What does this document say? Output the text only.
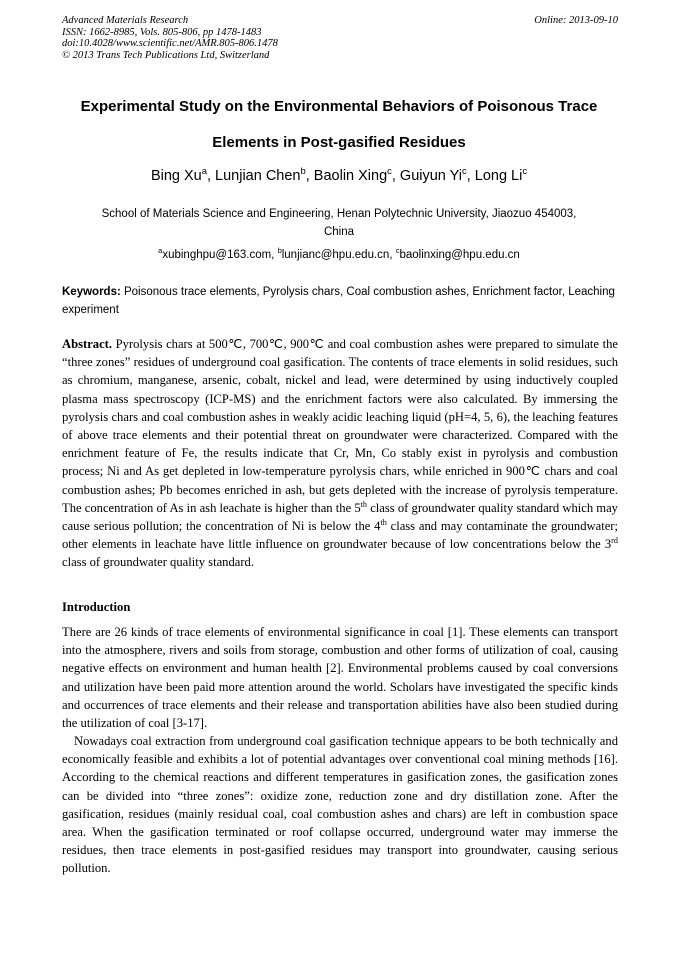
Advanced Materials Research	Online: 2013-09-10
ISSN: 1662-8985, Vols. 805-806, pp 1478-1483
doi:10.4028/www.scientific.net/AMR.805-806.1478
© 2013 Trans Tech Publications Ltd, Switzerland
Experimental Study on the Environmental Behaviors of Poisonous Trace
Elements in Post-gasified Residues
Bing Xu$^a$, Lunjian Chen$^b$, Baolin Xing$^c$, Guiyun Yi$^c$, Long Li$^c$
School of Materials Science and Engineering, Henan Polytechnic University, Jiaozuo 454003,
China
$^a$xubinghpu@163.com, $^b$lunjianc@hpu.edu.cn, $^c$baolinxing@hpu.edu.cn
Keywords: Poisonous trace elements, Pyrolysis chars, Coal combustion ashes, Enrichment factor, Leaching experiment
Abstract. Pyrolysis chars at 500℃, 700℃, 900℃ and coal combustion ashes were prepared to simulate the “three zones” residues of underground coal gasification. The contents of trace elements in solid residues, such as chromium, manganese, arsenic, cobalt, nickel and lead, were determined by using inductively coupled plasma mass spectroscopy (ICP-MS) and the enrichment factors were also calculated. By immersing the pyrolysis chars and coal combustion ashes in weakly acidic leaching liquid (pH=4, 5, 6), the leaching features of above trace elements and their potential threat on groundwater were characterized. Compared with the enrichment feature of Fe, the results indicate that Cr, Mn, Co stably exist in pyrolysis and combustion process; Ni and As get depleted in low-temperature pyrolysis chars, while enriched in 900℃ chars and coal combustion ashes; Pb becomes enriched in ash, but gets depleted with the increase of pyrolysis temperature. The concentration of As in ash leachate is higher than the 5th class of groundwater quality standard which may cause serious pollution; the concentration of Ni is below the 4th class and may contaminate the groundwater; other elements in leachate have little influence on groundwater because of low concentrations below the 3rd class of groundwater quality standard.
Introduction
There are 26 kinds of trace elements of environmental significance in coal [1]. These elements can transport into the atmosphere, rivers and soils from storage, combustion and other forms of utilization of coal, causing negative effects on environment and human health [2]. Environmental problems caused by coal conversions and utilization have been paid more attention around the world. Scholars have investigated the specific kinds and occurrences of trace elements and their release and transportation abilities have also been studied during the utilization of coal [3-17].
Nowadays coal extraction from underground coal gasification technique appears to be both technically and economically feasible and exhibits a lot of potential advantages over conventional coal mining methods [16]. According to the chemical reactions and different temperatures in gasification zones, the gasification zones can be divided into “three zones”: oxidize zone, reduction zone and dry distillation zone. After the gasification, residues (mainly residual coal, coal combustion ashes and chars) are left in combustion space area. When the gasification terminated or roof collapse occurred, underground water may immerse the residues, then trace elements in post-gasified residues may transport into groundwater, causing serious pollution.
